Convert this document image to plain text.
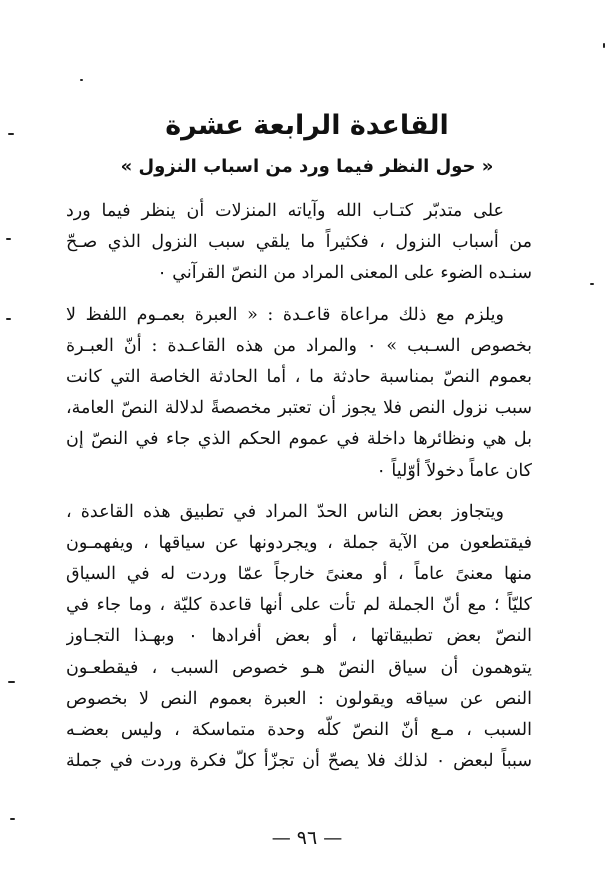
القاعدة الرابعة عشرة
« حول النظر فيما ورد من اسباب النزول »
على متدبّر كتـاب الله وآياته المنزلات أن ينظر فيما ورد
من أسباب النزول ، فكثيراً ما يلقي سبب النزول الذي صـحّ
سنـده الضوء على المعنى المراد من النصّ القرآني ٠
ويلزم مع ذلك مراعاة قاعـدة : « العبرة بعمـوم اللفظ لا
بخصوص السـبب » ٠ والمراد من هذه القاعـدة : أنّ العبـرة
بعموم النصّ بمناسبة حادثة ما ، أما الحادثة الخاصة التي كانت
سبب نزول النص فلا يجوز أن تعتبر مخصصةً لدلالة النصّ العامة،
بل هي ونظائرها داخلة في عموم الحكم الذي جاء في النصّ إن
كان عاماً دخولاً أوّلياً ٠
ويتجاوز بعض الناس الحدّ المراد في تطبيق هذه القاعدة ،
فيقتطعون من الآية جملة ، ويجردونها عن سياقها ، ويفهمـون
منها معنىً عاماً ، أو معنىً خارجاً عمّا وردت له في السياق
كليّاً ؛ مع أنّ الجملة لم تأت على أنها قاعدة كليّة ، وما جاء في
النصّ بعض تطبيقاتها ، أو بعض أفرادها ٠ وبهـذا التجـاوز
يتوهمون أن سياق النصّ هـو خصوص السبب ، فيقطعـون
النص عن سياقه ويقولون : العبرة بعموم النص لا بخصوص
السبب ، مـع أنّ النصّ كلّه وحدة متماسكة ، وليس بعضـه
سبباً لبعض ٠ لذلك فلا يصحّ أن تجزّأ كلّ فكرة وردت في جملة
— ٩٦ —
